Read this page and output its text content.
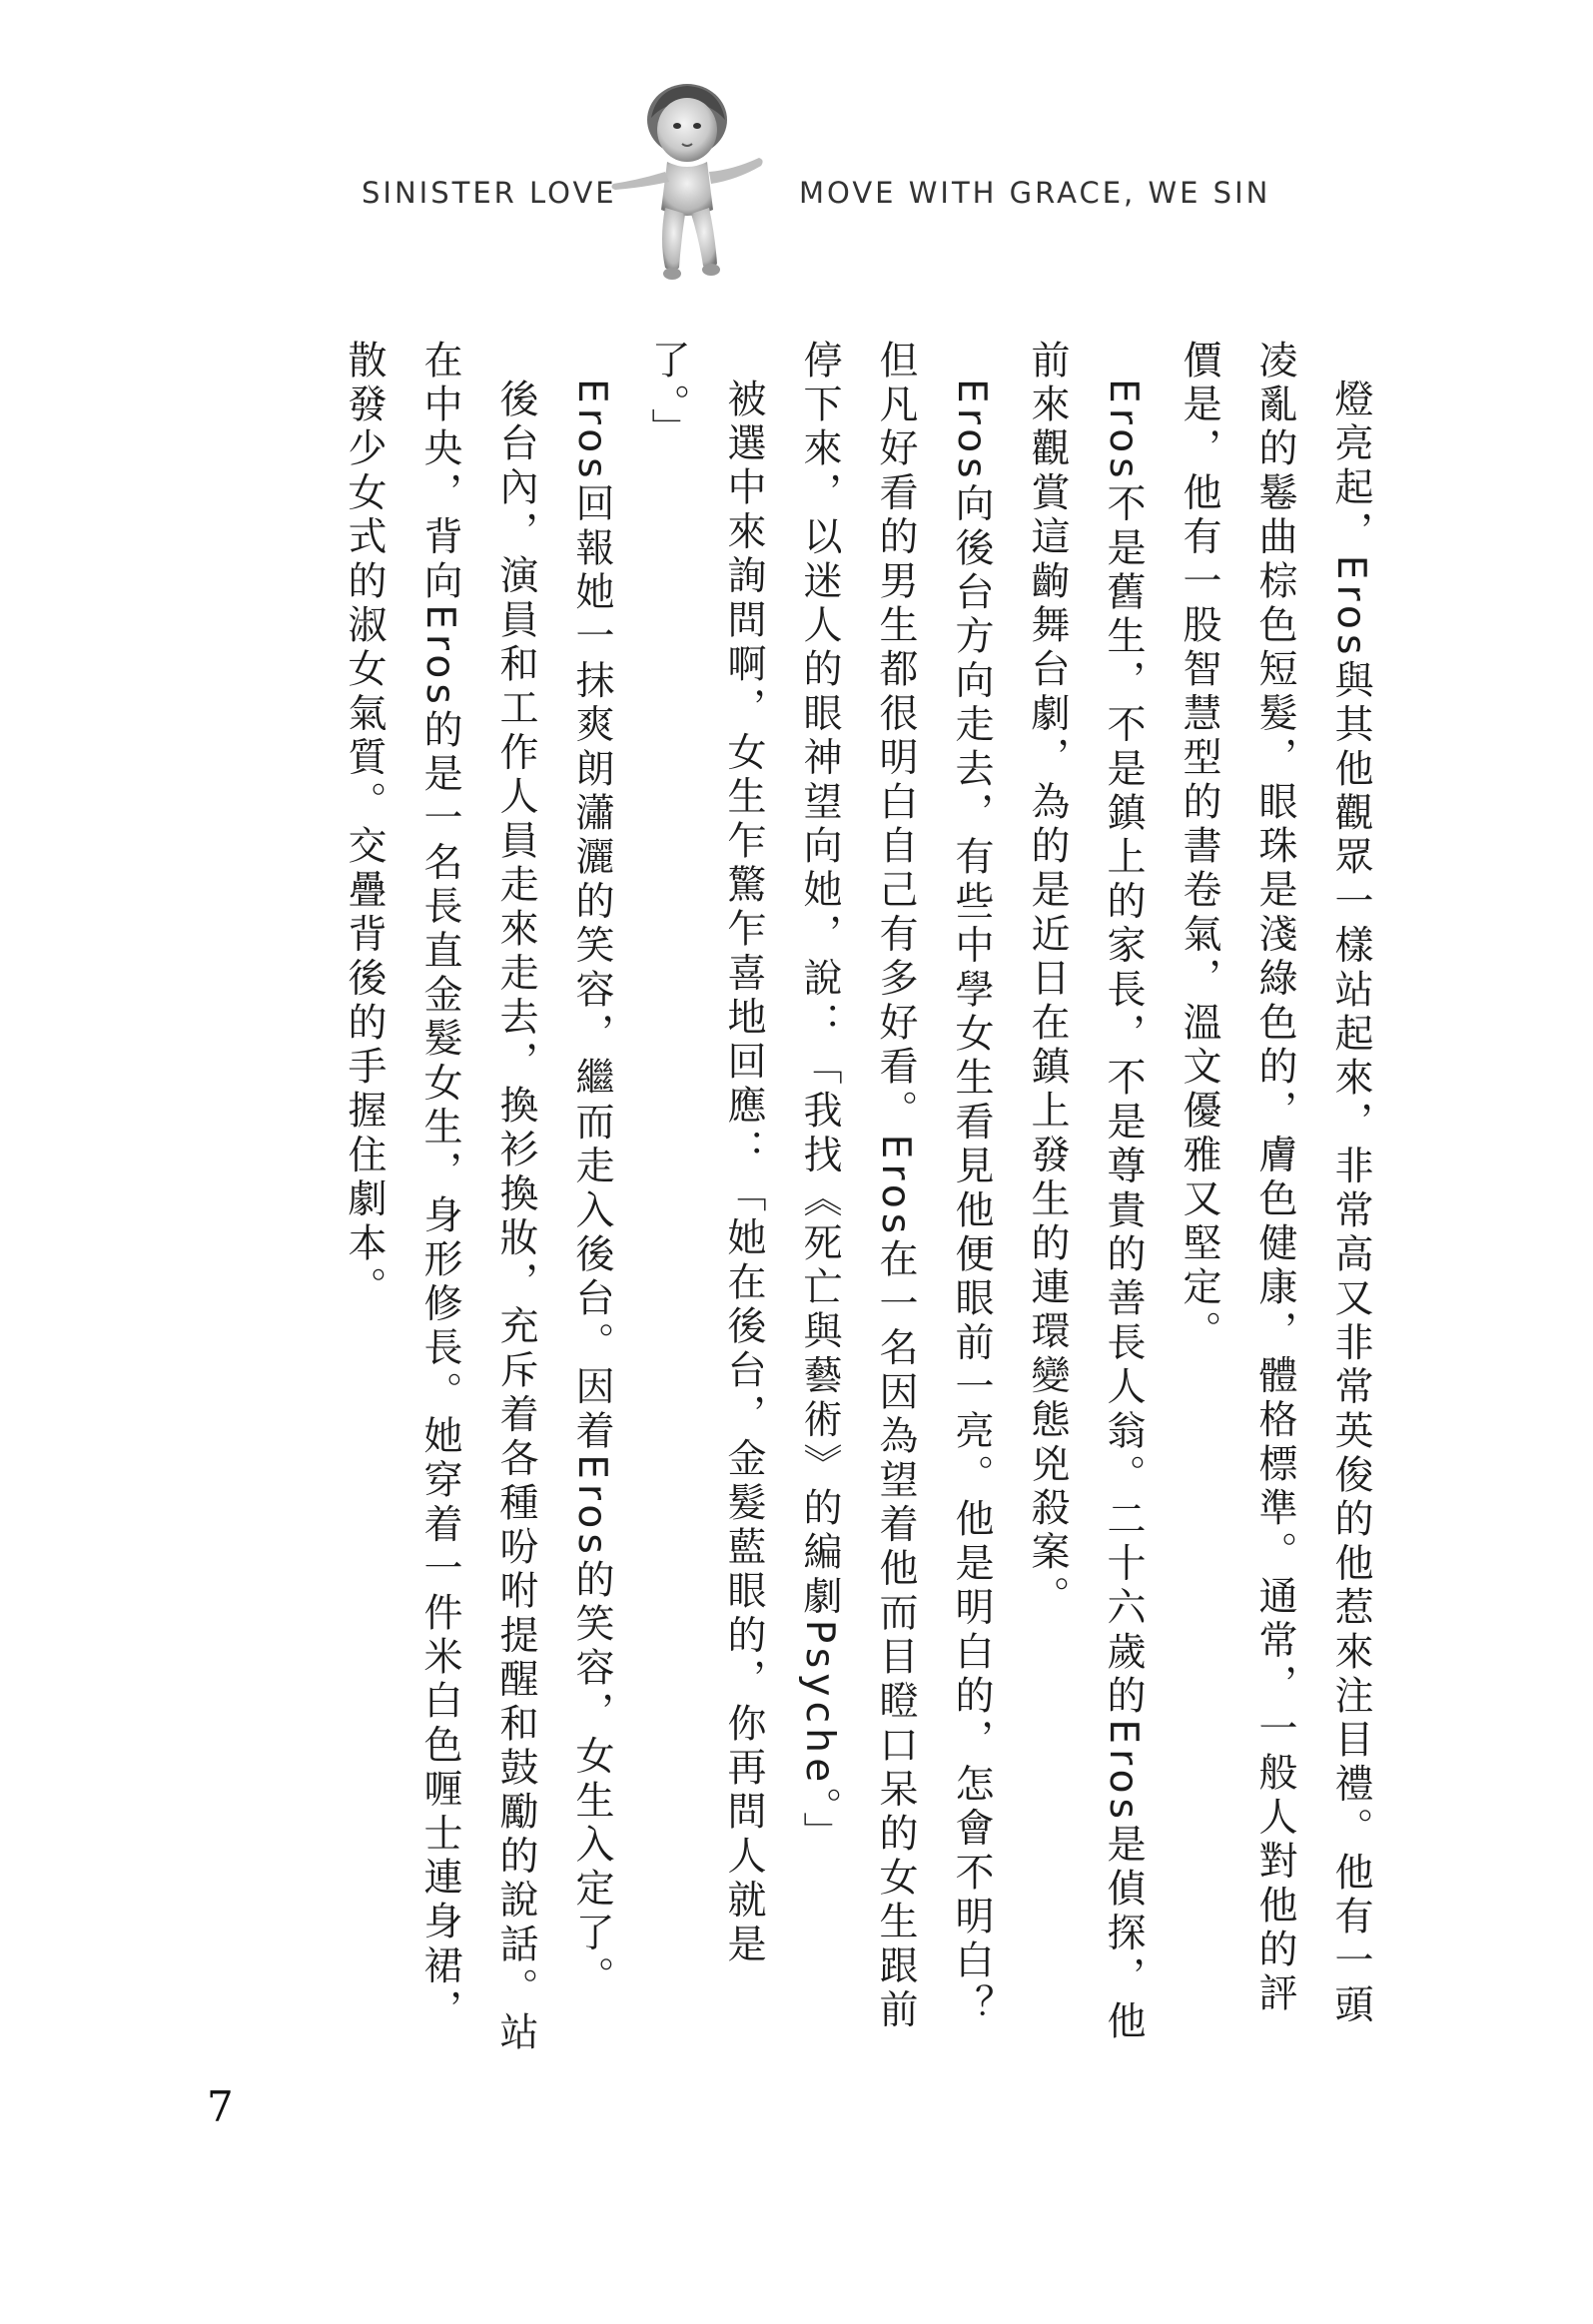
SINISTER LOVE	MOVE WITH GRACE, WE SIN

燈亮起，Eros與其他觀眾一樣站起來，非常高又非常英俊的他惹來注目禮。他有一頭凌亂的鬈曲棕色短髮，眼珠是淺綠色的，膚色健康，體格標準。通常，一般人對他的評價是，他有一股智慧型的書卷氣，溫文優雅又堅定。

Eros不是舊生，不是鎮上的家長，不是尊貴的善長人翁。二十六歲的Eros是偵探，他前來觀賞這齣舞台劇，為的是近日在鎮上發生的連環變態兇殺案。

Eros向後台方向走去，有些中學女生看見他便眼前一亮。他是明白的，怎會不明白？但凡好看的男生都很明白自己有多好看。Eros在一名因為望着他而目瞪口呆的女生跟前停下來，以迷人的眼神望向她，說：「我找《死亡與藝術》的編劇Psyche。」

被選中來詢問啊，女生乍驚乍喜地回應：「她在後台，金髮藍眼的，你再問人就是了。」

Eros回報她一抹爽朗瀟灑的笑容，繼而走入後台。因着Eros的笑容，女生入定了。

後台內，演員和工作人員走來走去，換衫換妝，充斥着各種吩咐提醒和鼓勵的說話。站在中央，背向Eros的是一名長直金髮女生，身形修長。她穿着一件米白色喱士連身裙，散發少女式的淑女氣質。交疊背後的手握住劇本。

7
